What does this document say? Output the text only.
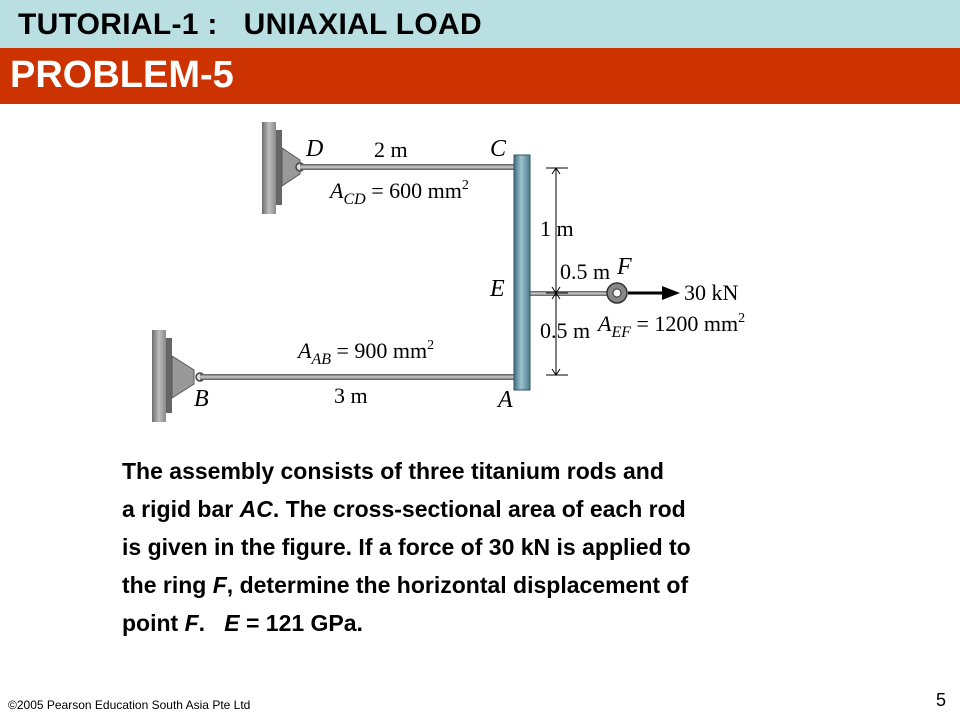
TUTORIAL-1 :   UNIAXIAL LOAD
PROBLEM-5
D 2 m	C
$A_{CD} = 600$ $mm^2$
1 m
0.5 m F
E	30 kN
0.5 m $A_{EF} = 1200$ $mm^2$
$A_{AB} = 900$ $mm^2$
B	3 m	A

The assembly consists of three titanium rods and

a rigid bar AC. The cross-sectional area of each rod

is given in the figure. If a force of 30 kN is applied to

the ring F, determine the horizontal displacement of

point F.   E = 121 GPa.

©2005 Pearson Education South Asia Pte Ltd	5
